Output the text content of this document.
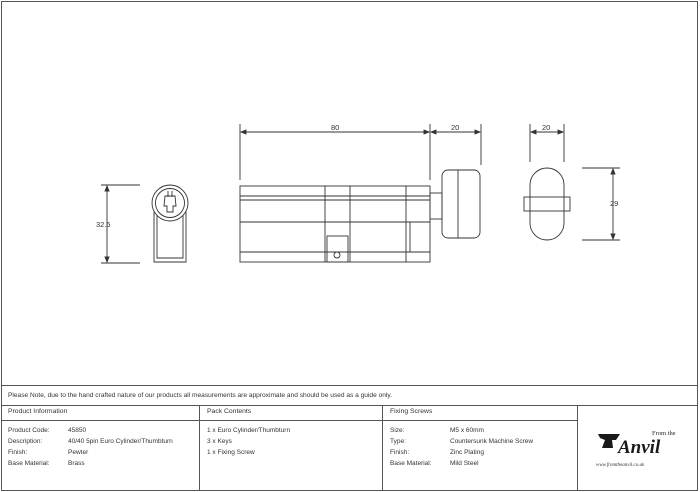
80	20	20
32.5
29
Please Note, due to the hand crafted nature of our products all measurements are approximate and should be used as a guide only.
Product Information
Product Code:	45850
Description:	40/40 5pin Euro Cylinder/Thumbturn
Finish:	Pewter
Base Material:	Brass
Pack Contents
1 x Euro Cylinder/Thumbturn
3 x Keys
1 x Fixing Screw
Fixing Screws
Size:	M5 x 60mm
Type:	Countersunk Machine Screw
Finish:	Zinc Plating
Base Material:	Mild Steel
From the
Anvil
www.fromtheanvil.co.uk
